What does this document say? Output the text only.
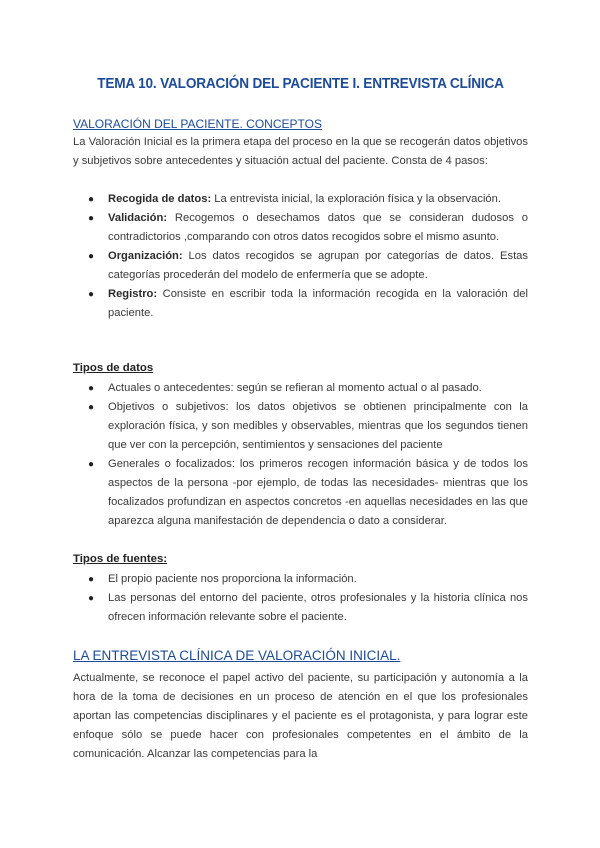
TEMA 10. VALORACIÓN DEL PACIENTE I. ENTREVISTA CLÍNICA
VALORACIÓN DEL PACIENTE. CONCEPTOS
La Valoración Inicial es la primera etapa del proceso en la que se recogerán datos objetivos y subjetivos sobre antecedentes y situación actual del paciente. Consta de 4 pasos:
● Recogida de datos: La entrevista inicial, la exploración física y la observación.
● Validación: Recogemos o desechamos datos que se consideran dudosos o contradictorios ,comparando con otros datos recogidos sobre el mismo asunto.
● Organización: Los datos recogidos se agrupan por categorías de datos. Estas categorías procederán del modelo de enfermería que se adopte.
● Registro: Consiste en escribir toda la información recogida en la valoración del paciente.
Tipos de datos
● Actuales o antecedentes: según se refieran al momento actual o al pasado.
● Objetivos o subjetivos: los datos objetivos se obtienen principalmente con la exploración física, y son medibles y observables, mientras que los segundos tienen que ver con la percepción, sentimientos y sensaciones del paciente
● Generales o focalizados: los primeros recogen información básica y de todos los aspectos de la persona -por ejemplo, de todas las necesidades- mientras que los focalizados profundizan en aspectos concretos -en aquellas necesidades en las que aparezca alguna manifestación de dependencia o dato a considerar.
Tipos de fuentes:
● El propio paciente nos proporciona la información.
● Las personas del entorno del paciente, otros profesionales y la historia clínica nos ofrecen información relevante sobre el paciente.
LA ENTREVISTA CLÍNICA DE VALORACIÓN INICIAL.
Actualmente, se reconoce el papel activo del paciente, su participación y autonomía a la hora de la toma de decisiones en un proceso de atención en el que los profesionales aportan las competencias disciplinares y el paciente es el protagonista, y para lograr este enfoque sólo se puede hacer con profesionales competentes en el ámbito de la comunicación. Alcanzar las competencias para la
